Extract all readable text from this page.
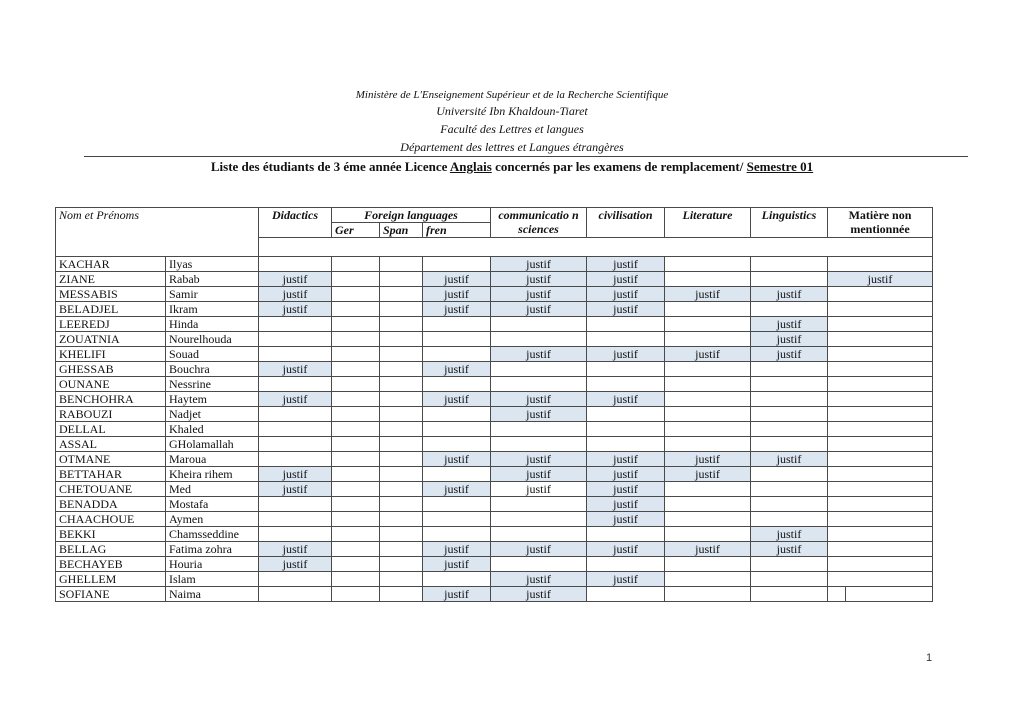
Ministère de L'Enseignement Supérieur et de la Recherche Scientifique
Université Ibn Khaldoun-Tiaret
Faculté des Lettres et langues
Département des lettres et Langues étrangères
Liste des étudiants de 3 éme année Licence Anglais concernés par les examens de remplacement/ Semestre 01
Nom et Prénoms		Didactics	Foreign languages			communicatio n sciences	civilisation	Literature	Linguistics	Matière non mentionnée
			Ger	Span	fren					

KACHAR	Ilyas					justif	justif			
ZIANE	Rabab	justif			justif	justif	justif			justif
MESSABIS	Samir	justif			justif	justif	justif	justif	justif	
BELADJEL	Ikram	justif			justif	justif	justif			
LEEREDJ	Hinda								justif	
ZOUATNIA	Nourelhouda								justif	
KHELIFI	Souad					justif	justif	justif	justif	
GHESSAB	Bouchra	justif			justif					
OUNANE	Nessrine									
BENCHOHRA	Haytem	justif			justif	justif	justif			
RABOUZI	Nadjet					justif				
DELLAL	Khaled									
ASSAL	GHolamallah									
OTMANE	Maroua				justif	justif	justif	justif	justif	
BETTAHAR	Kheira rihem	justif				justif	justif	justif		
CHETOUANE	Med	justif			justif	justif	justif			
BENADDA	Mostafa						justif			
CHAACHOUE	Aymen						justif			
BEKKI	Chamsseddine								justif	
BELLAG	Fatima zohra	justif			justif	justif	justif	justif	justif	
BECHAYEB	Houria	justif			justif					
GHELLEM	Islam					justif	justif			
SOFIANE	Naima				justif	justif				
1
